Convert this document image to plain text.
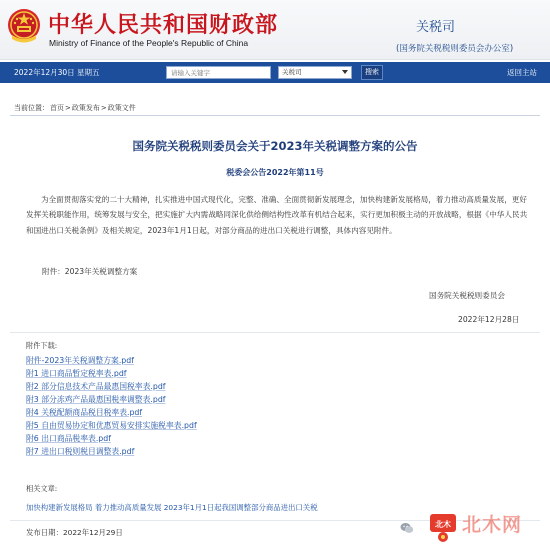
中华人民共和国财政部
Ministry of Finance of the People's Republic of China
关税司
(国务院关税税则委员会办公室)
2022年12月30日 星期五
请输入关键字	关税司	搜索	返回主站
当前位置：首页>政策发布>政策文件
国务院关税税则委员会关于2023年关税调整方案的公告
税委会公告2022年第11号
为全面贯彻落实党的二十大精神，扎实推进中国式现代化，完整、准确、全面贯彻新发展理念，加快构建新发展格局，着力推动高质量发展，更好发挥关税职能作用，统筹发展与安全，把实施扩大内需战略同深化供给侧结构性改革有机结合起来，实行更加积极主动的开放战略，根据《中华人民共和国进出口关税条例》及相关规定，2023年1月1日起，对部分商品的进出口关税进行调整，具体内容见附件。
附件：2023年关税调整方案
国务院关税税则委员会
2022年12月28日
附件下载:
附件-2023年关税调整方案.pdf
附1 进口商品暂定税率表.pdf
附2 部分信息技术产品最惠国税率表.pdf
附3 部分冻鸡产品最惠国税率调整表.pdf
附4 关税配额商品税目税率表.pdf
附5 自由贸易协定和优惠贸易安排实施税率表.pdf
附6 出口商品税率表.pdf
附7 进出口税则税目调整表.pdf
相关文章:
加快构建新发展格局 着力推动高质量发展 2023年1月1日起我国调整部分商品进出口关税
发布日期：2022年12月29日
北木 北木网
